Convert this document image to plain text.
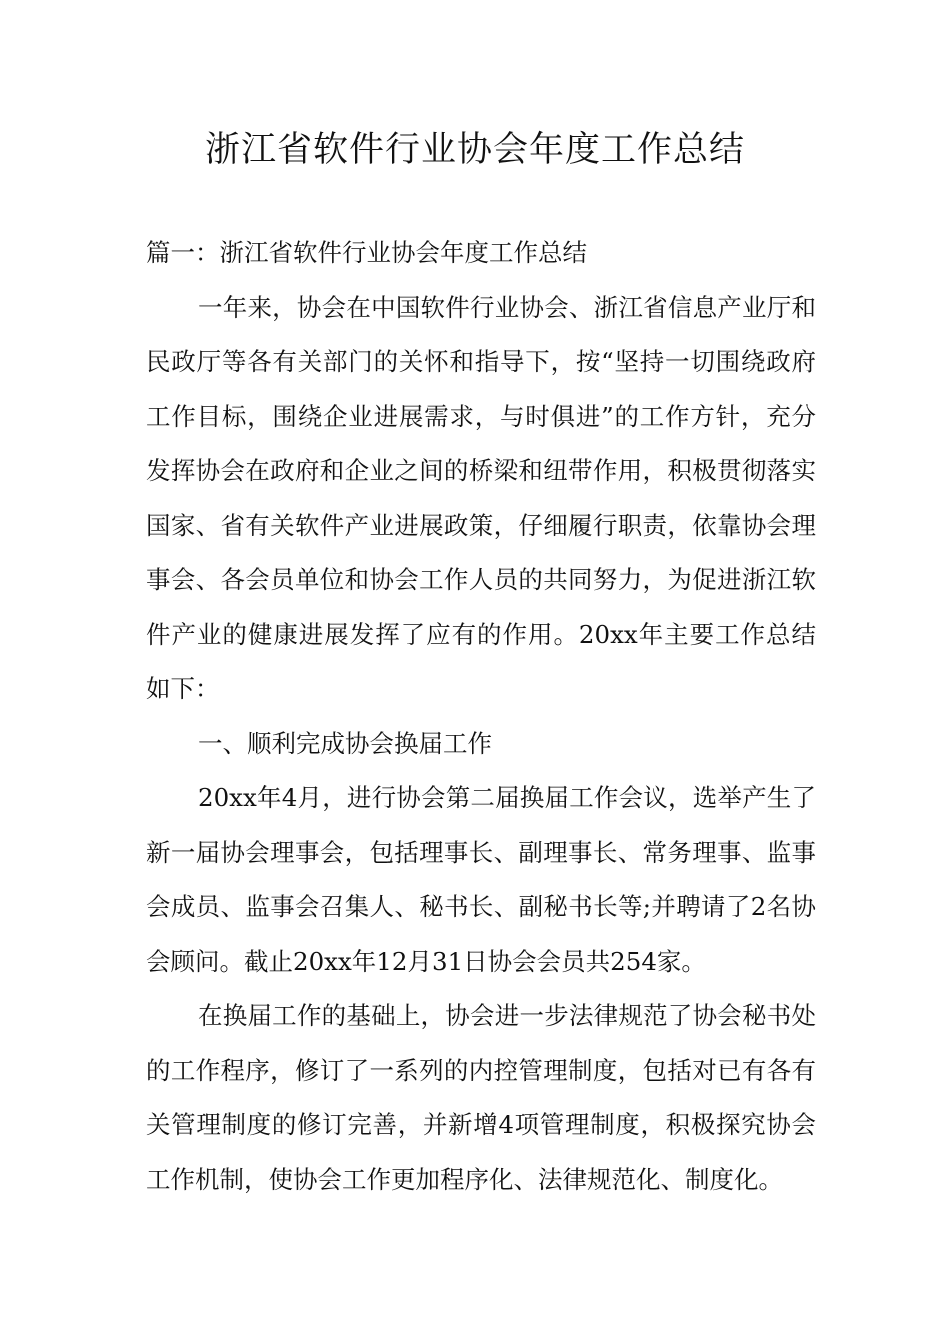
浙江省软件行业协会年度工作总结

篇一：浙江省软件行业协会年度工作总结

一年来，协会在中国软件行业协会、浙江省信息产业厅和民政厅等各有关部门的关怀和指导下，按“坚持一切围绕政府工作目标，围绕企业进展需求，与时俱进”的工作方针，充分发挥协会在政府和企业之间的桥梁和纽带作用，积极贯彻落实国家、省有关软件产业进展政策，仔细履行职责，依靠协会理事会、各会员单位和协会工作人员的共同努力，为促进浙江软件产业的健康进展发挥了应有的作用。20xx年主要工作总结如下：

一、顺利完成协会换届工作

20xx年4月，进行协会第二届换届工作会议，选举产生了新一届协会理事会，包括理事长、副理事长、常务理事、监事会成员、监事会召集人、秘书长、副秘书长等;并聘请了2名协会顾问。截止20xx年12月31日协会会员共254家。

在换届工作的基础上，协会进一步法律规范了协会秘书处的工作程序，修订了一系列的内控管理制度，包括对已有各有关管理制度的修订完善，并新增4项管理制度，积极探究协会工作机制，使协会工作更加程序化、法律规范化、制度化。
